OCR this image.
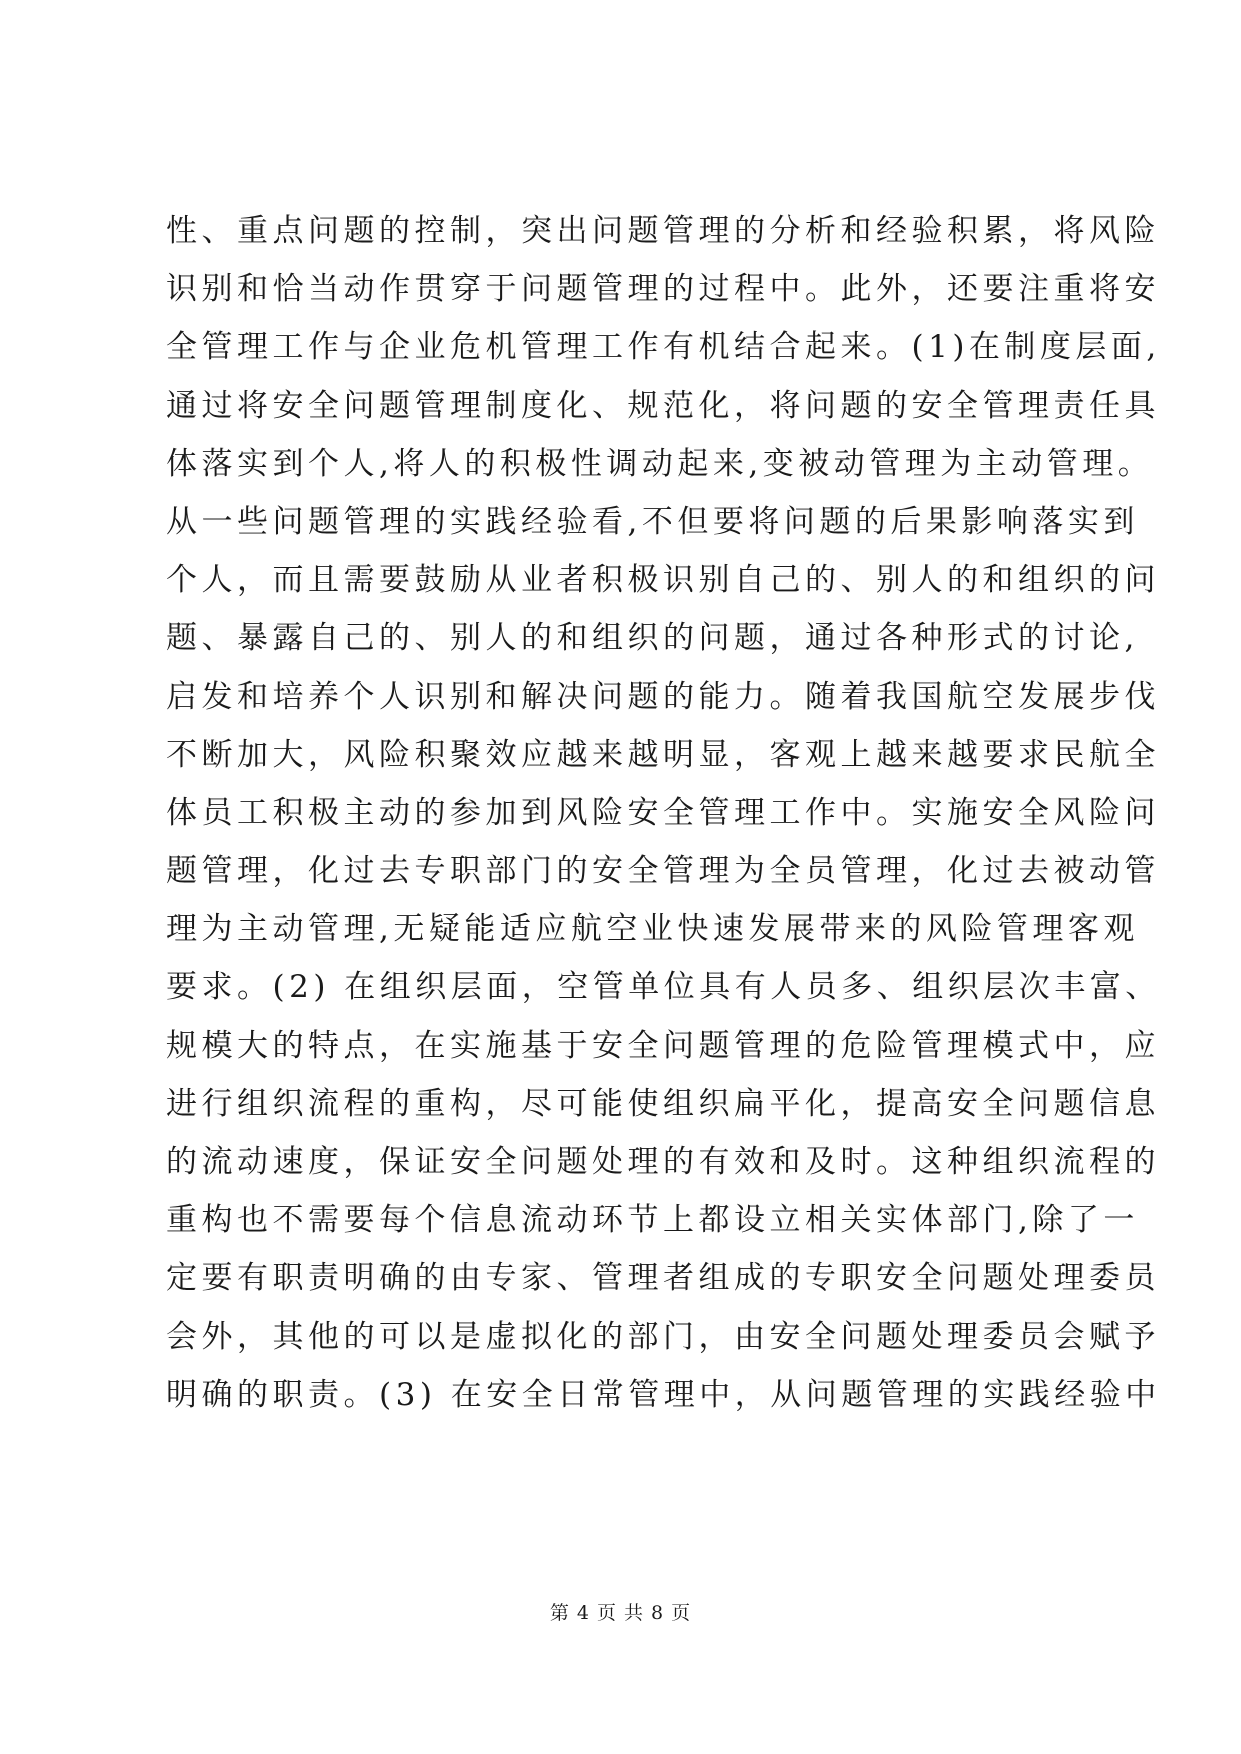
性、重点问题的控制，突出问题管理的分析和经验积累，将风险
识别和恰当动作贯穿于问题管理的过程中。此外，还要注重将安
全管理工作与企业危机管理工作有机结合起来。(1)在制度层面,
通过将安全问题管理制度化、规范化，将问题的安全管理责任具
体落实到个人,将人的积极性调动起来,变被动管理为主动管理。
从一些问题管理的实践经验看,不但要将问题的后果影响落实到
个人，而且需要鼓励从业者积极识别自己的、别人的和组织的问
题、暴露自己的、别人的和组织的问题，通过各种形式的讨论,
启发和培养个人识别和解决问题的能力。随着我国航空发展步伐
不断加大，风险积聚效应越来越明显，客观上越来越要求民航全
体员工积极主动的参加到风险安全管理工作中。实施安全风险问
题管理，化过去专职部门的安全管理为全员管理，化过去被动管
理为主动管理,无疑能适应航空业快速发展带来的风险管理客观
要求。(2) 在组织层面，空管单位具有人员多、组织层次丰富、
规模大的特点，在实施基于安全问题管理的危险管理模式中，应
进行组织流程的重构，尽可能使组织扁平化，提高安全问题信息
的流动速度，保证安全问题处理的有效和及时。这种组织流程的
重构也不需要每个信息流动环节上都设立相关实体部门,除了一
定要有职责明确的由专家、管理者组成的专职安全问题处理委员
会外，其他的可以是虚拟化的部门，由安全问题处理委员会赋予
明确的职责。(3) 在安全日常管理中，从问题管理的实践经验中
第 4 页 共 8 页
